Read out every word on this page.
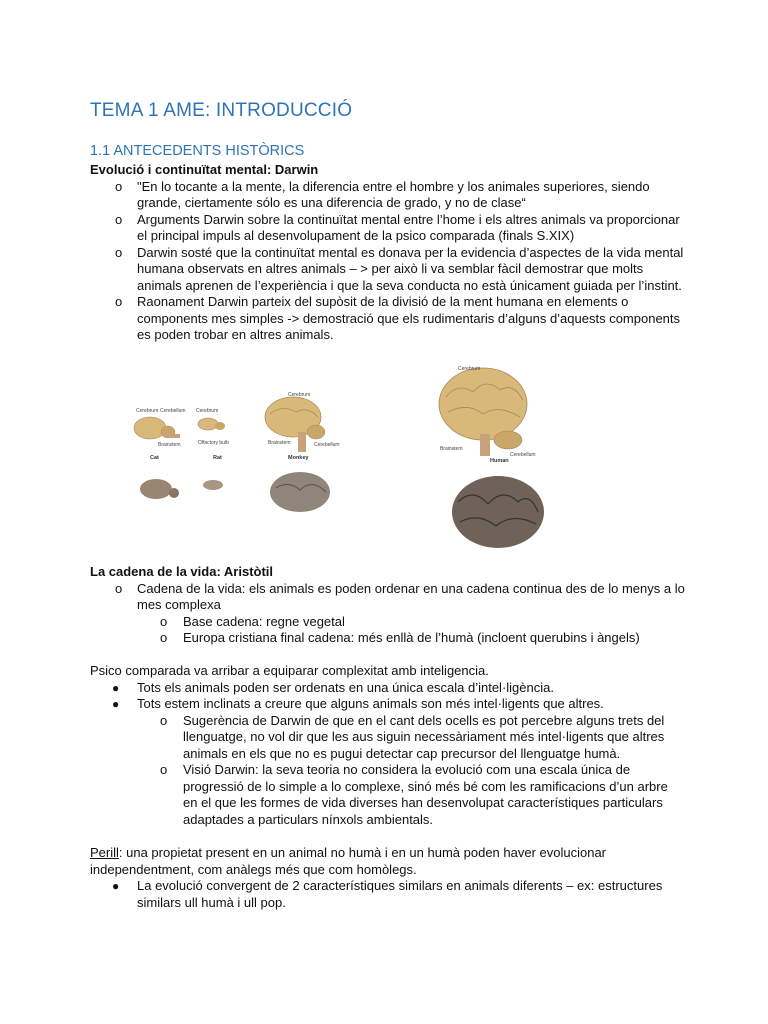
TEMA 1 AME: INTRODUCCIÓ
1.1 ANTECEDENTS HISTÒRICS
Evolució i continuïtat mental: Darwin
o "En lo tocante a la mente, la diferencia entre el hombre y los animales superiores, siendo grande, ciertamente sólo es una diferencia de grado, y no de clase“
o Arguments Darwin sobre la continuïtat mental entre l’home i els altres animals va proporcionar el principal impuls al desenvolupament de la psico comparada (finals S.XIX)
o Darwin sosté que la continuïtat mental es donava per la evidencia d’aspectes de la vida mental humana observats en altres animals – > per això li va semblar fàcil demostrar que molts animals aprenen de l’experiència i que la seva conducta no està únicament guiada per l’instint.
o Raonament Darwin parteix del supòsit de la divisió de la ment humana en elements o components mes simples -> demostració que els rudimentaris d’alguns d’aquests components es poden trobar en altres animals.
Cerebrum Cerebellum
Brainstem
Cat
Cerebrum
Olfactory bulb
Rat
Cerebrum
Brainstem	Cerebellum
Monkey
Cerebrum
Brainstem
Cerebellum
Human
La cadena de la vida: Aristòtil
o Cadena de la vida: els animals es poden ordenar en una cadena continua des de lo menys a lo mes complexa
o Base cadena: regne vegetal
o Europa cristiana final cadena: més enllà de l’humà (incloent querubins i àngels)
Psico comparada va arribar a equiparar complexitat amb inteligencia.
● Tots els animals poden ser ordenats en una única escala d’intel·ligència.
● Tots estem inclinats a creure que alguns animals son més intel·ligents que altres.
o Sugerència de Darwin de que en el cant dels ocells es pot percebre alguns trets del llenguatge, no vol dir que les aus siguin necessàriament més intel·ligents que altres animals en els que no es pugui detectar cap precursor del llenguatge humà.
o Visió Darwin: la seva teoria no considera la evolució com una escala única de progressió de lo simple a lo complexe, sinó més bé com les ramificacions d’un arbre en el que les formes de vida diverses han desenvolupat característiques particulars adaptades a particulars nínxols ambientals.
Perill: una propietat present en un animal no humà i en un humà poden haver evolucionar independentment, com anàlegs més que com homòlegs.
● La evolució convergent de 2 característiques similars en animals diferents – ex: estructures similars ull humà i ull pop.
